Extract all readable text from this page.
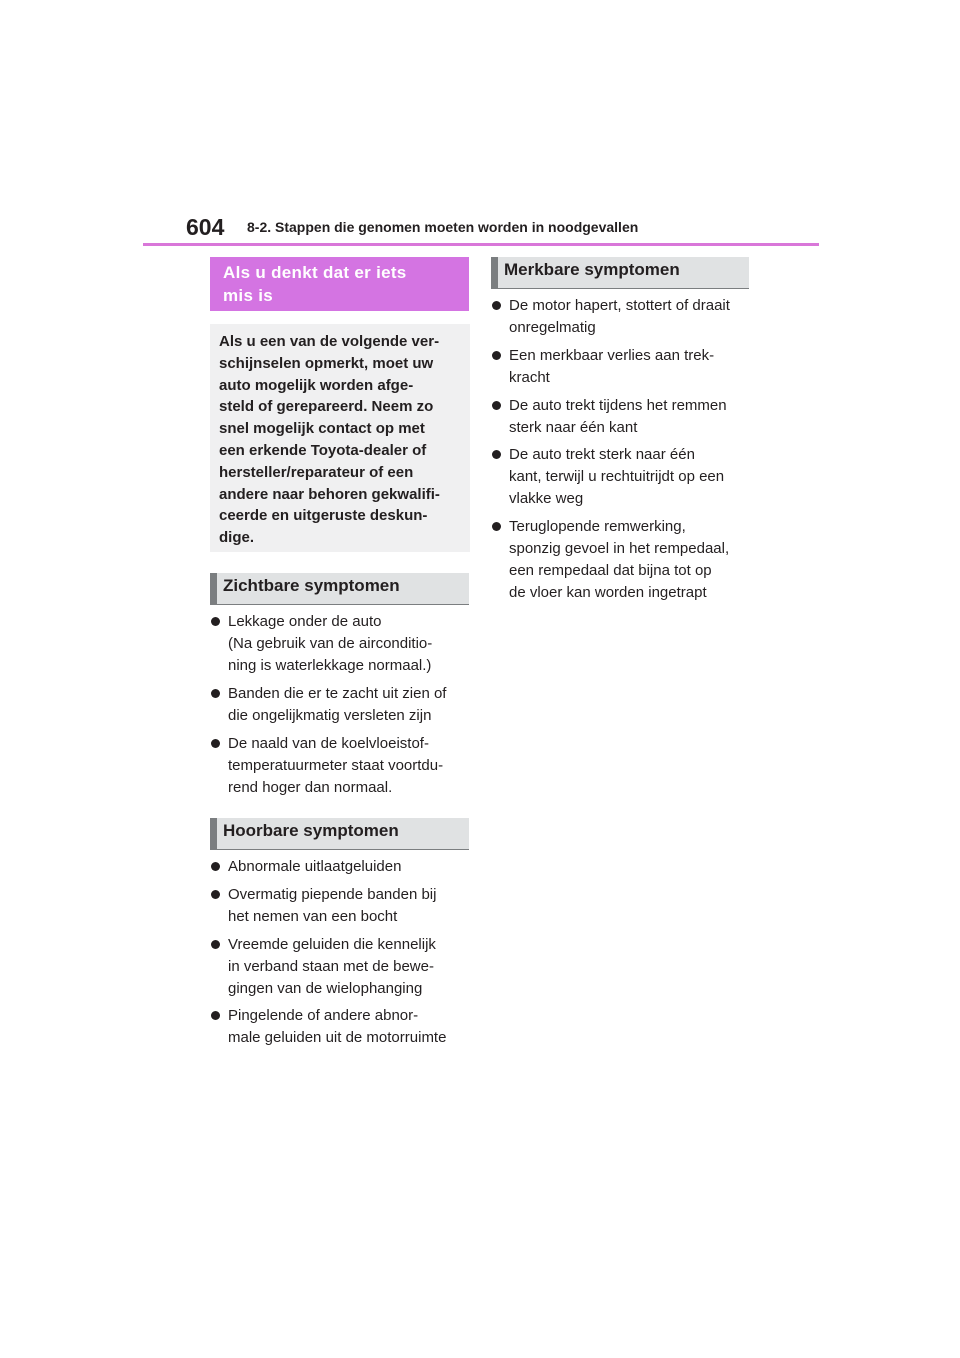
604 8-2. Stappen die genomen moeten worden in noodgevallen
Als u denkt dat er iets
mis is
Als u een van de volgende ver-
schijnselen opmerkt, moet uw
auto mogelijk worden afge-
steld of gerepareerd. Neem zo
snel mogelijk contact op met
een erkende Toyota-dealer of
hersteller/reparateur of een
andere naar behoren gekwalifi-
ceerde en uitgeruste deskun-
dige.
Zichtbare symptomen
Lekkage onder de auto
(Na gebruik van de airconditio-
ning is waterlekkage normaal.)
Banden die er te zacht uit zien of
die ongelijkmatig versleten zijn
De naald van de koelvloeistof-
temperatuurmeter staat voortdu-
rend hoger dan normaal.
Hoorbare symptomen
Abnormale uitlaatgeluiden
Overmatig piepende banden bij
het nemen van een bocht
Vreemde geluiden die kennelijk
in verband staan met de bewe-
gingen van de wielophanging
Pingelende of andere abnor-
male geluiden uit de motorruimte
Merkbare symptomen
De motor hapert, stottert of draait
onregelmatig
Een merkbaar verlies aan trek-
kracht
De auto trekt tijdens het remmen
sterk naar één kant
De auto trekt sterk naar één
kant, terwijl u rechtuitrijdt op een
vlakke weg
Teruglopende remwerking,
sponzig gevoel in het rempedaal,
een rempedaal dat bijna tot op
de vloer kan worden ingetrapt
